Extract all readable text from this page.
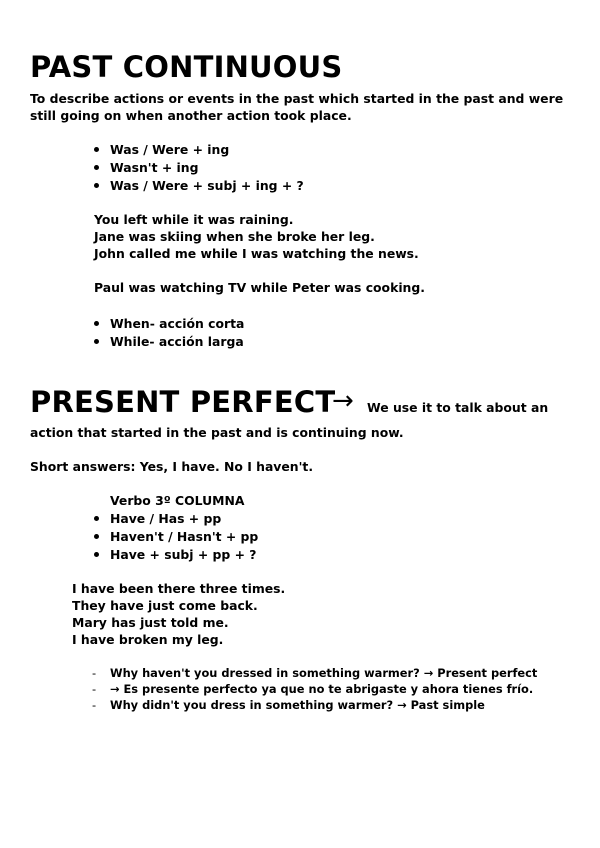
PAST CONTINUOUS

To describe actions or events in the past which started in the past and were

still going on when another action took place.

Was / Were + ing

Wasn't + ing

Was / Were + subj + ing + ?

You left while it was raining.

Jane was skiing when she broke her leg.

John called me while I was watching the news.

Paul was watching TV while Peter was cooking.

When- acción corta

While- acción larga

PRESENT PERFECT
→ We use it to talk about an

action that started in the past and is continuing now.

Short answers: Yes, I have. No I haven't.

Verbo 3º COLUMNA

Have / Has + pp

Haven't / Hasn't + pp

Have + subj + pp + ?

I have been there three times.

They have just come back.

Mary has just told me.

I have broken my leg.

- Why haven't you dressed in something warmer? → Present perfect

- → Es presente perfecto ya que no te abrigaste y ahora tienes frío.

- Why didn't you dress in something warmer? → Past simple
